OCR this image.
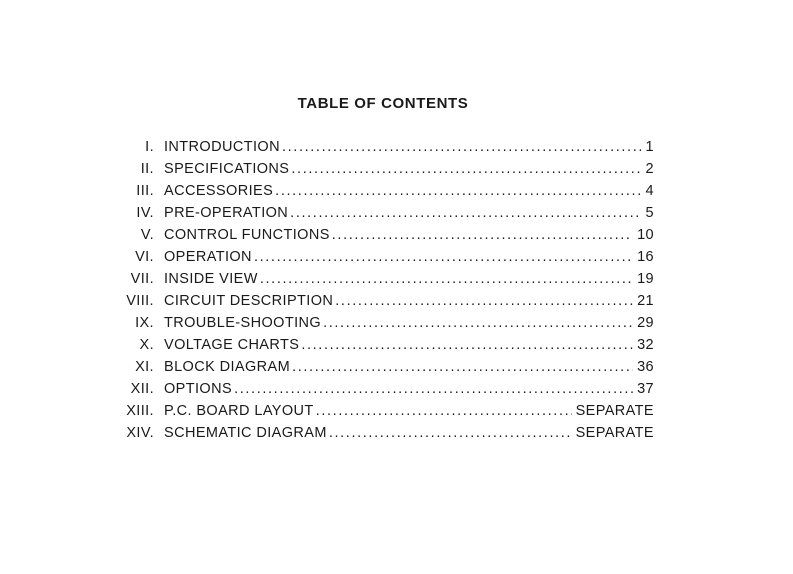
TABLE OF CONTENTS
I. INTRODUCTION . . .	1
II. SPECIFICATIONS . . .	2
III. ACCESSORIES . . .	4
IV. PRE-OPERATION . . .	5
V. CONTROL FUNCTIONS . . .	10
VI. OPERATION . . .	16
VII. INSIDE VIEW . . .	19
VIII. CIRCUIT DESCRIPTION . . .	21
IX. TROUBLE-SHOOTING . . .	29
X. VOLTAGE CHARTS . . .	32
XI. BLOCK DIAGRAM . . .	36
XII. OPTIONS . . .	37
XIII. P.C. BOARD LAYOUT . . .	SEPARATE
XIV. SCHEMATIC DIAGRAM . . .	SEPARATE
